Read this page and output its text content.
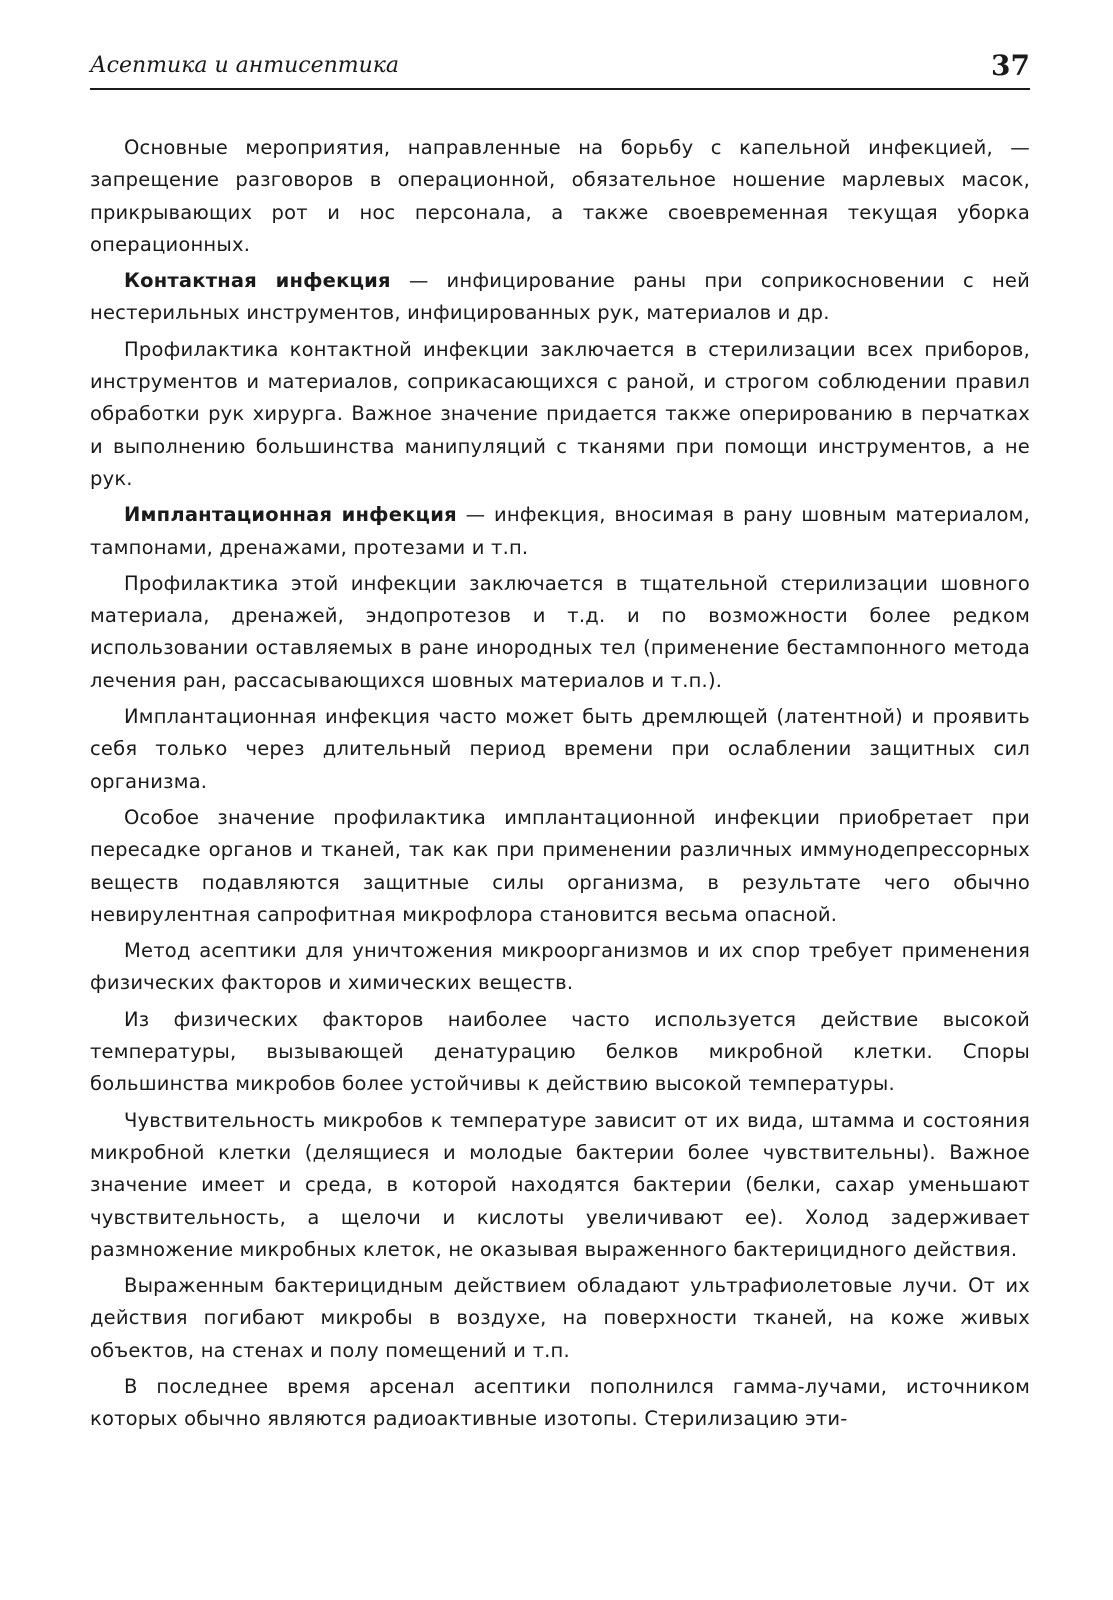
Асептика и антисептика	37

Основные мероприятия, направленные на борьбу с капельной инфекцией, — запрещение разговоров в операционной, обязательное ношение марлевых масок, прикрывающих рот и нос персонала, а также своевременная текущая уборка операционных.

Контактная инфекция — инфицирование раны при соприкосновении с ней нестерильных инструментов, инфицированных рук, материалов и др.

Профилактика контактной инфекции заключается в стерилизации всех приборов, инструментов и материалов, соприкасающихся с раной, и строгом соблюдении правил обработки рук хирурга. Важное значение придается также оперированию в перчатках и выполнению большинства манипуляций с тканями при помощи инструментов, а не рук.

Имплантационная инфекция — инфекция, вносимая в рану шовным материалом, тампонами, дренажами, протезами и т.п.

Профилактика этой инфекции заключается в тщательной стерилизации шовного материала, дренажей, эндопротезов и т.д. и по возможности более редком использовании оставляемых в ране инородных тел (применение бестампонного метода лечения ран, рассасывающихся шовных материалов и т.п.).

Имплантационная инфекция часто может быть дремлющей (латентной) и проявить себя только через длительный период времени при ослаблении защитных сил организма.

Особое значение профилактика имплантационной инфекции приобретает при пересадке органов и тканей, так как при применении различных иммунодепрессорных веществ подавляются защитные силы организма, в результате чего обычно невирулентная сапрофитная микрофлора становится весьма опасной.

Метод асептики для уничтожения микроорганизмов и их спор требует применения физических факторов и химических веществ.

Из физических факторов наиболее часто используется действие высокой температуры, вызывающей денатурацию белков микробной клетки. Споры большинства микробов более устойчивы к действию высокой температуры.

Чувствительность микробов к температуре зависит от их вида, штамма и состояния микробной клетки (делящиеся и молодые бактерии более чувствительны). Важное значение имеет и среда, в которой находятся бактерии (белки, сахар уменьшают чувствительность, а щелочи и кислоты увеличивают ее). Холод задерживает размножение микробных клеток, не оказывая выраженного бактерицидного действия.

Выраженным бактерицидным действием обладают ультрафиолетовые лучи. От их действия погибают микробы в воздухе, на поверхности тканей, на коже живых объектов, на стенах и полу помещений и т.п.

В последнее время арсенал асептики пополнился гамма-лучами, источником которых обычно являются радиоактивные изотопы. Стерилизацию эти-
